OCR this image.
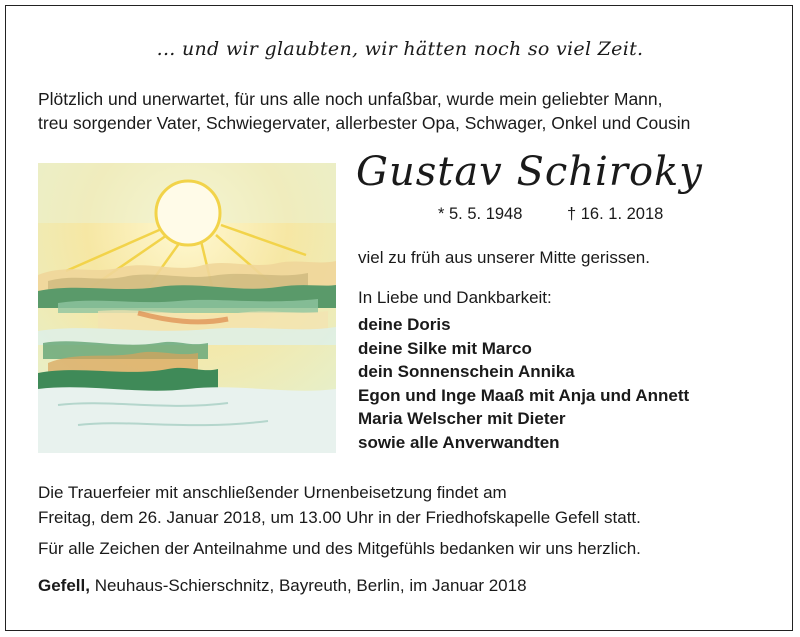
... und wir glaubten, wir hätten noch so viel Zeit.
Plötzlich und unerwartet, für uns alle noch unfaßbar, wurde mein geliebter Mann,
treu sorgender Vater, Schwiegervater, allerbester Opa, Schwager, Onkel und Cousin
Gustav Schiroky
* 5. 5. 1948	† 16. 1. 2018
viel zu früh aus unserer Mitte gerissen.
In Liebe und Dankbarkeit:
deine Doris
deine Silke mit Marco
dein Sonnenschein Annika
Egon und Inge Maaß mit Anja und Annett
Maria Welscher mit Dieter
sowie alle Anverwandten
Die Trauerfeier mit anschließender Urnenbeisetzung findet am
Freitag, dem 26. Januar 2018, um 13.00 Uhr in der Friedhofskapelle Gefell statt.
Für alle Zeichen der Anteilnahme und des Mitgefühls bedanken wir uns herzlich.
Gefell, Neuhaus-Schierschnitz, Bayreuth, Berlin, im Januar 2018
